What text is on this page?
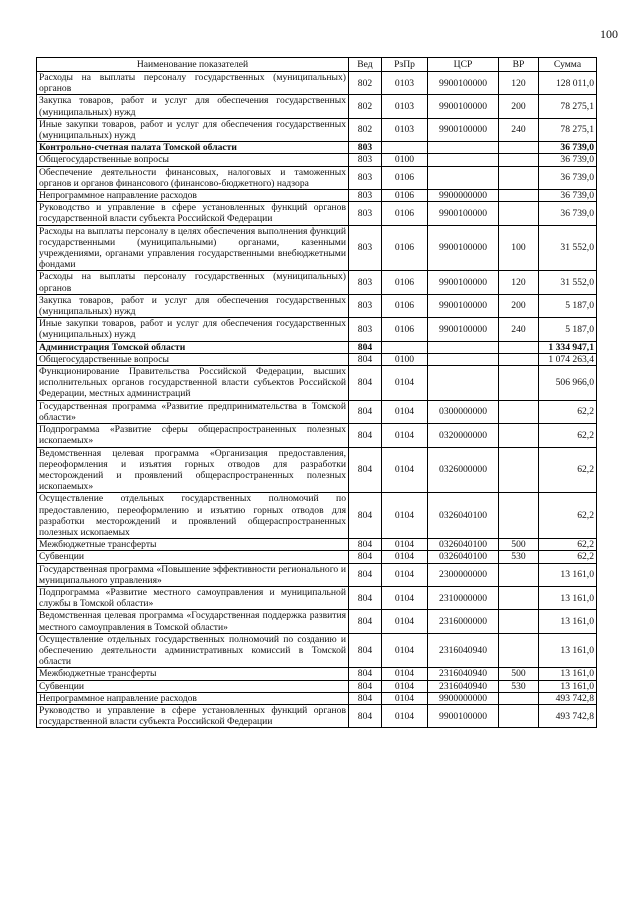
100
Наименование показателей	Вед	РзПр	ЦСР	ВР	Сумма
Расходы на выплаты персоналу государственных (муниципальных) органов	802	0103	9900100000	120	128 011,0
Закупка товаров, работ и услуг для обеспечения государственных (муниципальных) нужд	802	0103	9900100000	200	78 275,1
Иные закупки товаров, работ и услуг для обеспечения государственных (муниципальных) нужд	802	0103	9900100000	240	78 275,1
Контрольно-счетная палата Томской области	803				36 739,0
Общегосударственные вопросы	803	0100			36 739,0
Обеспечение деятельности финансовых, налоговых и таможенных органов и органов финансового (финансово-бюджетного) надзора	803	0106			36 739,0
Непрограммное направление расходов	803	0106	9900000000		36 739,0
Руководство и управление в сфере установленных функций органов государственной власти субъекта Российской Федерации	803	0106	9900100000		36 739,0
Расходы на выплаты персоналу в целях обеспечения выполнения функций государственными (муниципальными) органами, казенными учреждениями, органами управления государственными внебюджетными фондами	803	0106	9900100000	100	31 552,0
Расходы на выплаты персоналу государственных (муниципальных) органов	803	0106	9900100000	120	31 552,0
Закупка товаров, работ и услуг для обеспечения государственных (муниципальных) нужд	803	0106	9900100000	200	5 187,0
Иные закупки товаров, работ и услуг для обеспечения государственных (муниципальных) нужд	803	0106	9900100000	240	5 187,0
Администрация Томской области	804				1 334 947,1
Общегосударственные вопросы	804	0100			1 074 263,4
Функционирование Правительства Российской Федерации, высших исполнительных органов государственной власти субъектов Российской Федерации, местных администраций	804	0104			506 966,0
Государственная программа «Развитие предпринимательства в Томской области»	804	0104	0300000000		62,2
Подпрограмма «Развитие сферы общераспространенных полезных ископаемых»	804	0104	0320000000		62,2
Ведомственная целевая программа «Организация предоставления, переоформления и изъятия горных отводов для разработки месторождений и проявлений общераспространенных полезных ископаемых»	804	0104	0326000000		62,2
Осуществление отдельных государственных полномочий по предоставлению, переоформлению и изъятию горных отводов для разработки месторождений и проявлений общераспространенных полезных ископаемых	804	0104	0326040100		62,2
Межбюджетные трансферты	804	0104	0326040100	500	62,2
Субвенции	804	0104	0326040100	530	62,2
Государственная программа «Повышение эффективности регионального и муниципального управления»	804	0104	2300000000		13 161,0
Подпрограмма «Развитие местного самоуправления и муниципальной службы в Томской области»	804	0104	2310000000		13 161,0
Ведомственная целевая программа «Государственная поддержка развития местного самоуправления в Томской области»	804	0104	2316000000		13 161,0
Осуществление отдельных государственных полномочий по созданию и обеспечению деятельности административных комиссий в Томской области	804	0104	2316040940		13 161,0
Межбюджетные трансферты	804	0104	2316040940	500	13 161,0
Субвенции	804	0104	2316040940	530	13 161,0
Непрограммное направление расходов	804	0104	9900000000		493 742,8
Руководство и управление в сфере установленных функций органов государственной власти субъекта Российской Федерации	804	0104	9900100000		493 742,8
